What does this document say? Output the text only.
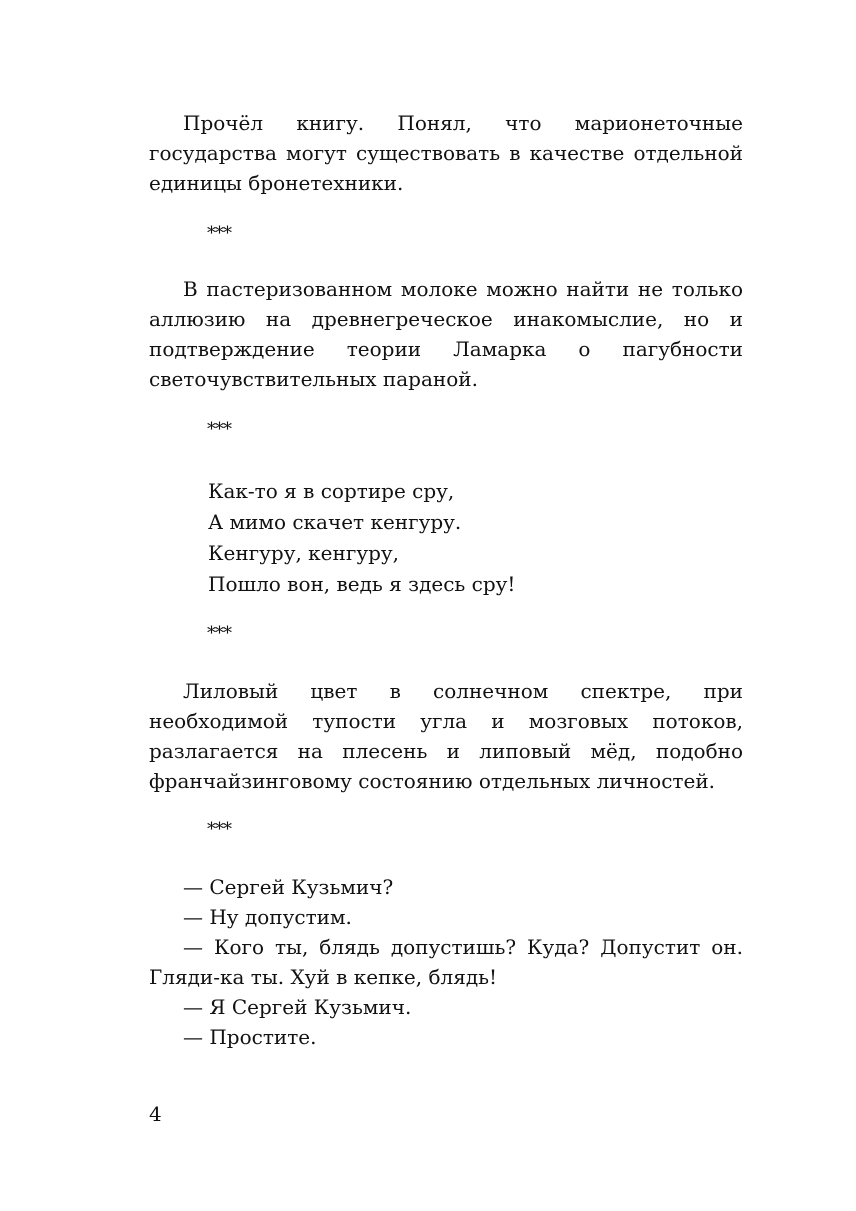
Прочёл книгу. Понял, что марионеточные государства могут существовать в качестве отдельной единицы бронетехники.

***

В пастеризованном молоке можно найти не только аллюзию на древнегреческое инакомыслие, но и подтверждение теории Ламарка о пагубности светочувствительных параной.

***
Как-то я в сортире сру,
А мимо скачет кенгуру.
Кенгуру, кенгуру,
Пошло вон, ведь я здесь сру!
***

Лиловый цвет в солнечном спектре, при необходимой тупости угла и мозговых потоков, разлагается на плесень и липовый мёд, подобно франчайзинговому состоянию отдельных личностей.

***

— Сергей Кузьмич?

— Ну допустим.

— Кого ты, блядь допустишь? Куда? Допустит он. Гляди-ка ты. Хуй в кепке, блядь!

— Я Сергей Кузьмич.

— Простите.

4
